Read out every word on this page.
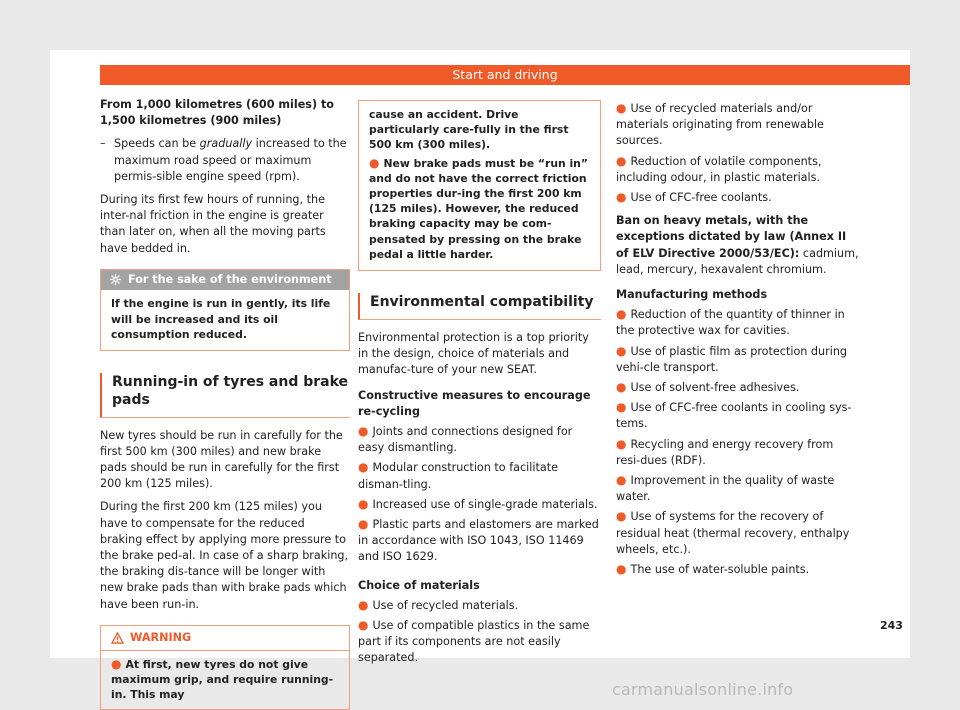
Start and driving

From 1,000 kilometres (600 miles) to 1,500 kilometres (900 miles)

– Speeds can be gradually increased to the maximum road speed or maximum permis-sible engine speed (rpm).

During its first few hours of running, the inter-nal friction in the engine is greater than later on, when all the moving parts have bedded in.

For the sake of the environment
If the engine is run in gently, its life will be increased and its oil consumption reduced.
Running-in of tyres and brake pads

New tyres should be run in carefully for the first 500 km (300 miles) and new brake pads should be run in carefully for the first 200 km (125 miles).

During the first 200 km (125 miles) you have to compensate for the reduced braking effect by applying more pressure to the brake ped-al. In case of a sharp braking, the braking dis-tance will be longer with new brake pads than with brake pads which have been run-in.

WARNING
● At first, new tyres do not give maximum grip, and require running-in. This may

cause an accident. Drive particularly care-fully in the first 500 km (300 miles).

● New brake pads must be “run in” and do not have the correct friction properties dur-ing the first 200 km (125 miles). However, the reduced braking capacity may be com-pensated by pressing on the brake pedal a little harder.
Environmental compatibility

Environmental protection is a top priority in the design, choice of materials and manufac-ture of your new SEAT.

Constructive measures to encourage re-cycling

● Joints and connections designed for easy dismantling.
● Modular construction to facilitate disman-tling.
● Increased use of single-grade materials.
● Plastic parts and elastomers are marked in accordance with ISO 1043, ISO 11469 and ISO 1629.

Choice of materials

● Use of recycled materials.
● Use of compatible plastics in the same part if its components are not easily separated.
● Use of recycled materials and/or materials originating from renewable sources.
● Reduction of volatile components, including odour, in plastic materials.
● Use of CFC-free coolants.

Ban on heavy metals, with the exceptions dictated by law (Annex II of ELV Directive 2000/53/EC): cadmium, lead, mercury, hexavalent chromium.

Manufacturing methods

● Reduction of the quantity of thinner in the protective wax for cavities.
● Use of plastic film as protection during vehi-cle transport.
● Use of solvent-free adhesives.
● Use of CFC-free coolants in cooling sys-tems.
● Recycling and energy recovery from resi-dues (RDF).
● Improvement in the quality of waste water.
● Use of systems for the recovery of residual heat (thermal recovery, enthalpy wheels, etc.).
● The use of water-soluble paints.
243
carmanualsonline.info
